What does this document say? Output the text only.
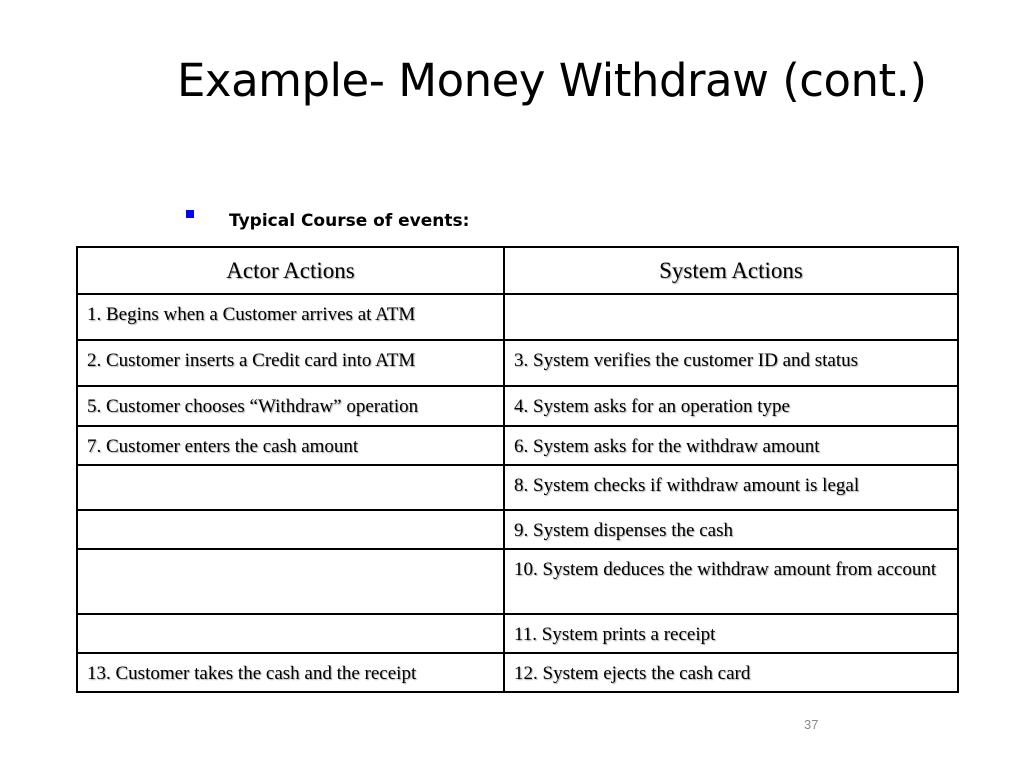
Example- Money Withdraw (cont.)
Typical Course of events:
Actor Actions	System Actions
1. Begins when a Customer arrives at ATM	
2. Customer inserts a Credit card into ATM	3. System verifies the customer ID and status
5. Customer chooses “Withdraw” operation	4. System asks for an operation type
7. Customer enters the cash amount	6. System asks for the withdraw amount
	8. System checks if withdraw amount is legal
	9. System dispenses the cash
	10. System deduces the withdraw amount from account
	11. System prints a receipt
13. Customer takes the cash and the receipt	12. System ejects the cash card
37
